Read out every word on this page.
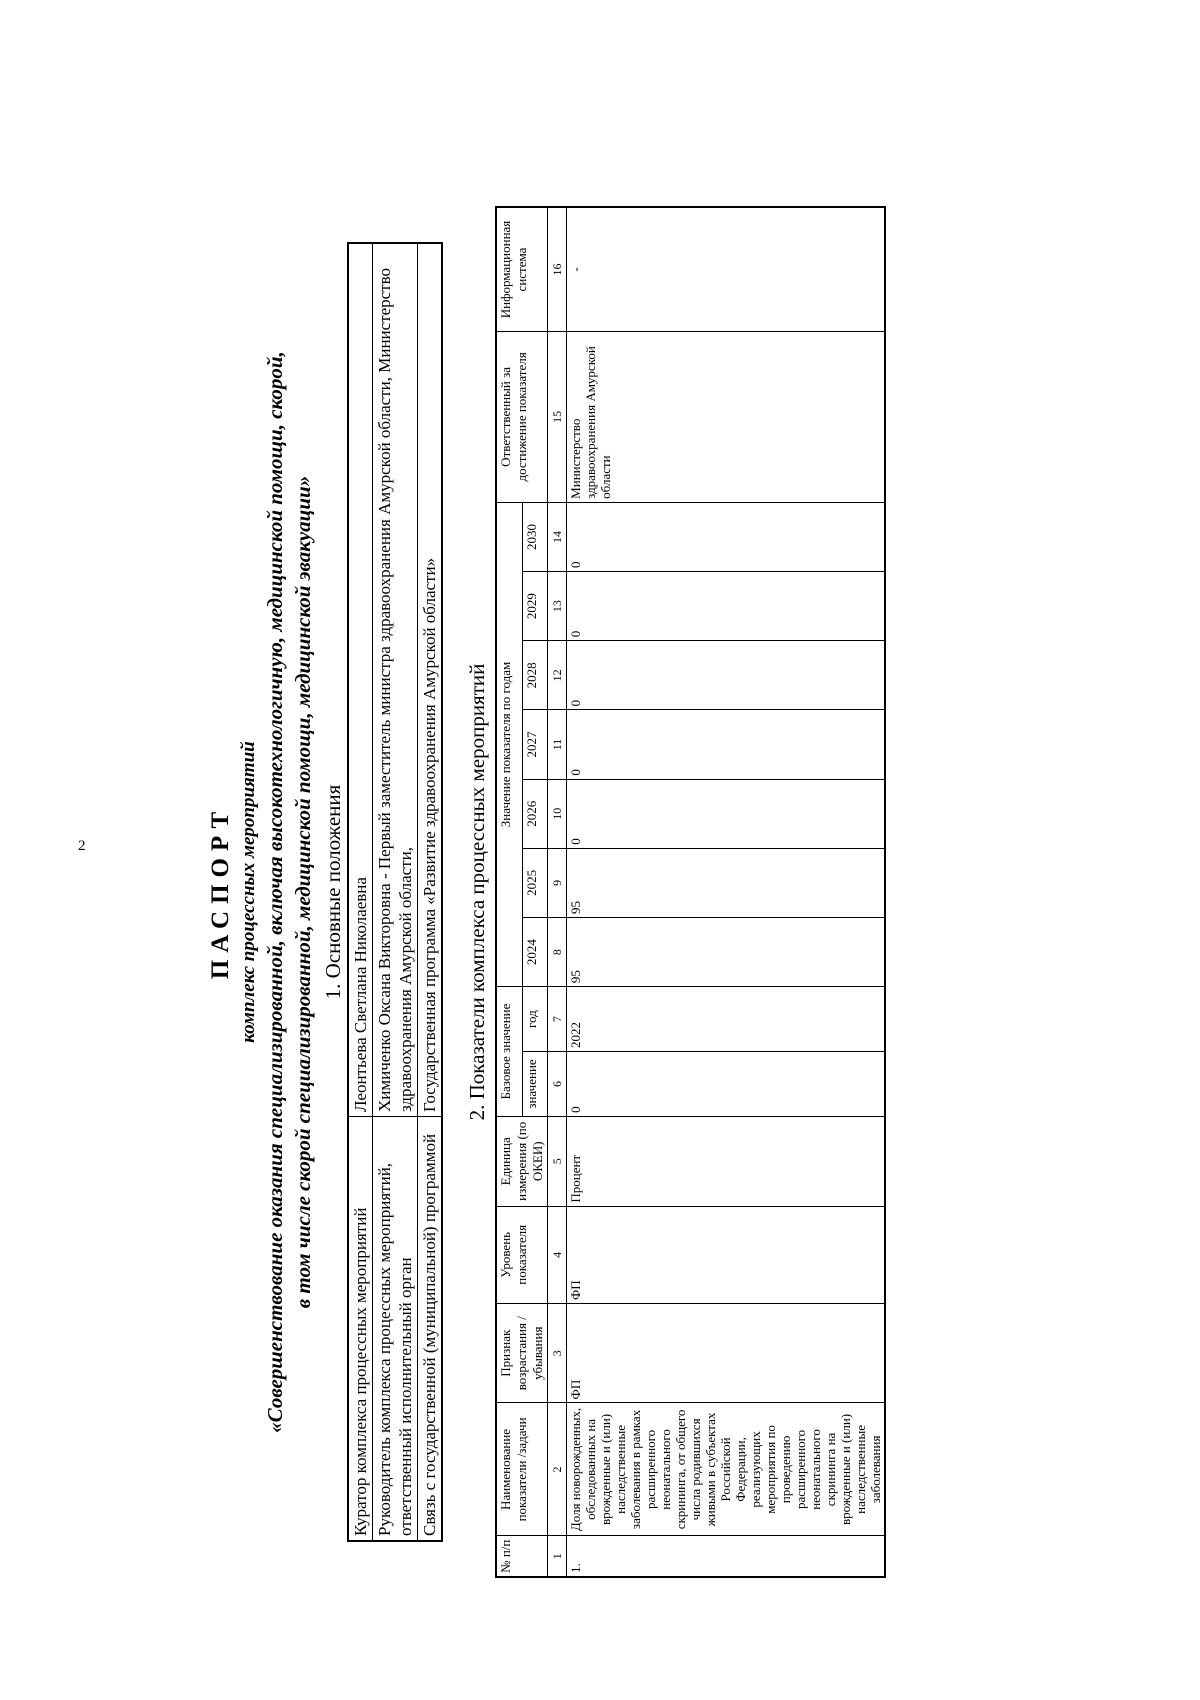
2	ПАСПОРТ комплекс процессных мероприятий «Совершенствование оказания специализированной, включая высокотехнологичную, медицинской помощи, скорой, в том числе скорой специализированной, медицинской помощи, медицинской эвакуации» 1. Основные положения

Куратор комплекса процессных мероприятий	Леонтьева Светлана Николаевна
Руководитель комплекса процессных мероприятий, ответственный исполнительный орган	Химиченко Оксана Викторовна - Первый заместитель министра здравоохранения Амурской области, Министерство здравоохранения Амурской области,
Связь с государственной (муниципальной) программой	Государственная программа «Развитие здравоохранения Амурской области» 2. Показатели комплекса процессных мероприятий

№ п/п	Наименование показатели /задачи	Признак возрастания / убывания	Уровень показателя	Единица измерения (по ОКЕИ)	Базовое значение		Значение показателя по годам							Ответственный за достижение показателя	Информационная система
					значение	год	2024	2025	2026	2027	2028	2029	2030		
1	2	3	4	5	6	7	8	9	10	11	12	13	14	15	16
1.	Доля новорожденных, обследованных на врожденные и (или) наследственные заболевания в рамках расширенного неонатального скрининга, от общего числа родившихся живыми в субъектах Российской Федерации, реализующих мероприятия по проведению расширенного неонатального скрининга на врожденные и (или) наследственные заболевания	ФП	ФП	Процент	0	2022	95	95	0	0	0	0	0	Министерство здравоохранения Амурской области	-
